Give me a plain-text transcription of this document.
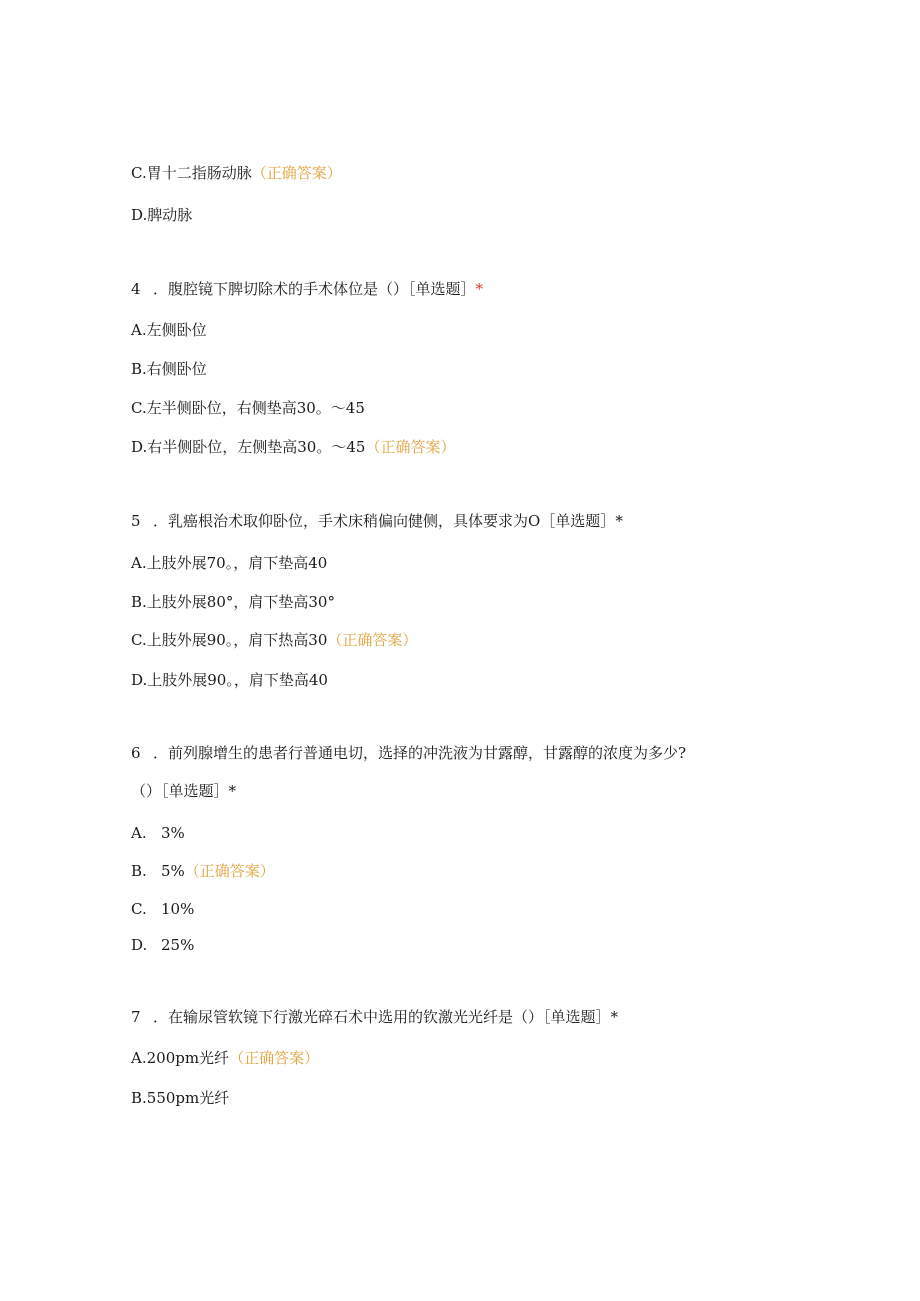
C.胃十二指肠动脉（正确答案）
D.脾动脉
4 ．腹腔镜下脾切除术的手术体位是（）［单选题］*
A.左侧卧位
B.右侧卧位
C.左半侧卧位，右侧垫高30。〜45
D.右半侧卧位，左侧垫高30。〜45（正确答案）
5 ．乳癌根治术取仰卧位，手术床稍偏向健侧，具体要求为O［单选题］*
A.上肢外展70。，肩下垫高40
B.上肢外展80°，肩下垫高30°
C.上肢外展90。，肩下热高30（正确答案）
D.上肢外展90。，肩下垫高40
6 ．前列腺增生的患者行普通电切，选择的冲洗液为甘露醇，甘露醇的浓度为多少?
（）［单选题］*
A. 3%
B. 5%（正确答案）
C. 10%
D. 25%
7 ．在输尿管软镜下行激光碎石术中选用的钦激光光纤是（）［单选题］*
A.200pm光纤（正确答案）
B.550pm光纤
